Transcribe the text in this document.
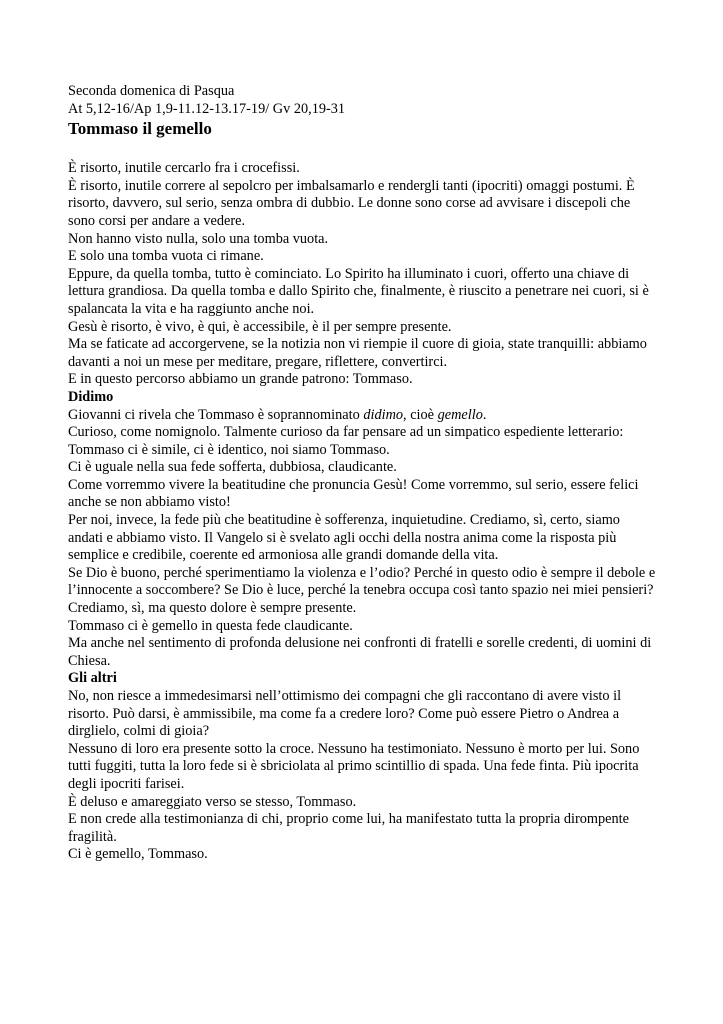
Seconda domenica di Pasqua
At 5,12-16/Ap 1,9-11.12-13.17-19/ Gv 20,19-31
Tommaso il gemello

È risorto, inutile cercarlo fra i crocefissi.

È risorto, inutile correre al sepolcro per imbalsamarlo e rendergli tanti (ipocriti) omaggi postumi. È risorto, davvero, sul serio, senza ombra di dubbio. Le donne sono corse ad avvisare i discepoli che sono corsi per andare a vedere.

Non hanno visto nulla, solo una tomba vuota.

E solo una tomba vuota ci rimane.

Eppure, da quella tomba, tutto è cominciato. Lo Spirito ha illuminato i cuori, offerto una chiave di lettura grandiosa. Da quella tomba e dallo Spirito che, finalmente, è riuscito a penetrare nei cuori, si è spalancata la vita e ha raggiunto anche noi.

Gesù è risorto, è vivo, è qui, è accessibile, è il per sempre presente.

Ma se faticate ad accorgervene, se la notizia non vi riempie il cuore di gioia, state tranquilli: abbiamo davanti a noi un mese per meditare, pregare, riflettere, convertirci.

E in questo percorso abbiamo un grande patrono: Tommaso.

Didimo

Giovanni ci rivela che Tommaso è soprannominato didimo, cioè gemello.

Curioso, come nomignolo. Talmente curioso da far pensare ad un simpatico espediente letterario: Tommaso ci è simile, ci è identico, noi siamo Tommaso.

Ci è uguale nella sua fede sofferta, dubbiosa, claudicante.

Come vorremmo vivere la beatitudine che pronuncia Gesù! Come vorremmo, sul serio, essere felici anche se non abbiamo visto!

Per noi, invece, la fede più che beatitudine è sofferenza, inquietudine. Crediamo, sì, certo, siamo andati e abbiamo visto. Il Vangelo si è svelato agli occhi della nostra anima come la risposta più semplice e credibile, coerente ed armoniosa alle grandi domande della vita.

Se Dio è buono, perché sperimentiamo la violenza e l’odio? Perché in questo odio è sempre il debole e l’innocente a soccombere? Se Dio è luce, perché la tenebra occupa così tanto spazio nei miei pensieri?

Crediamo, sì, ma questo dolore è sempre presente.

Tommaso ci è gemello in questa fede claudicante.

Ma anche nel sentimento di profonda delusione nei confronti di fratelli e sorelle credenti, di uomini di Chiesa.

Gli altri

No, non riesce a immedesimarsi nell’ottimismo dei compagni che gli raccontano di avere visto il risorto. Può darsi, è ammissibile, ma come fa a credere loro? Come può essere Pietro o Andrea a dirglielo, colmi di gioia?

Nessuno di loro era presente sotto la croce. Nessuno ha testimoniato. Nessuno è morto per lui. Sono tutti fuggiti, tutta la loro fede si è sbriciolata al primo scintillio di spada. Una fede finta. Più ipocrita degli ipocriti farisei.

È deluso e amareggiato verso se stesso, Tommaso.

E non crede alla testimonianza di chi, proprio come lui, ha manifestato tutta la propria dirompente fragilità.

Ci è gemello, Tommaso.
